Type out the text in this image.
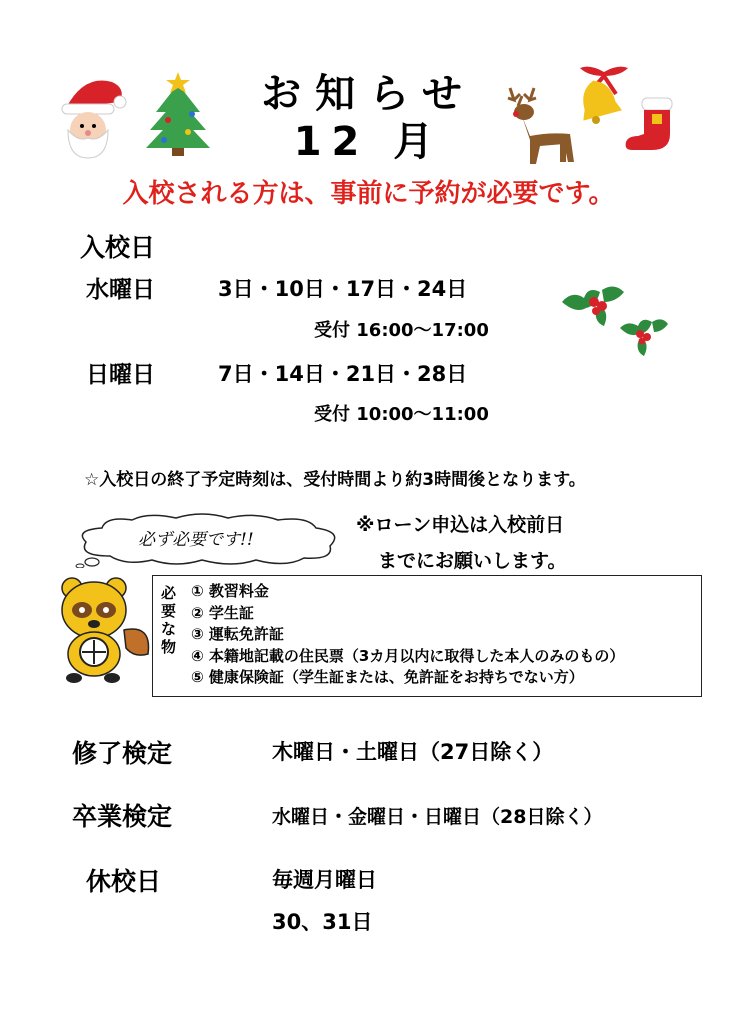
お知らせ
12 月
入校される方は、事前に予約が必要です。
入校日
水曜日	3日・10日・17日・24日
受付 16:00〜17:00
日曜日	7日・14日・21日・28日
受付 10:00〜11:00
☆入校日の終了予定時刻は、受付時間より約3時間後となります。
必ず必要です!!
※ローン申込は入校前日
までにお願いします。
必
要
な
物
① 教習料金
② 学生証
③ 運転免許証
④ 本籍地記載の住民票（3カ月以内に取得した本人のみのもの）
⑤ 健康保険証（学生証または、免許証をお持ちでない方）
修了検定	木曜日・土曜日（27日除く）
卒業検定	水曜日・金曜日・日曜日（28日除く）
休校日	毎週月曜日
30、31日
